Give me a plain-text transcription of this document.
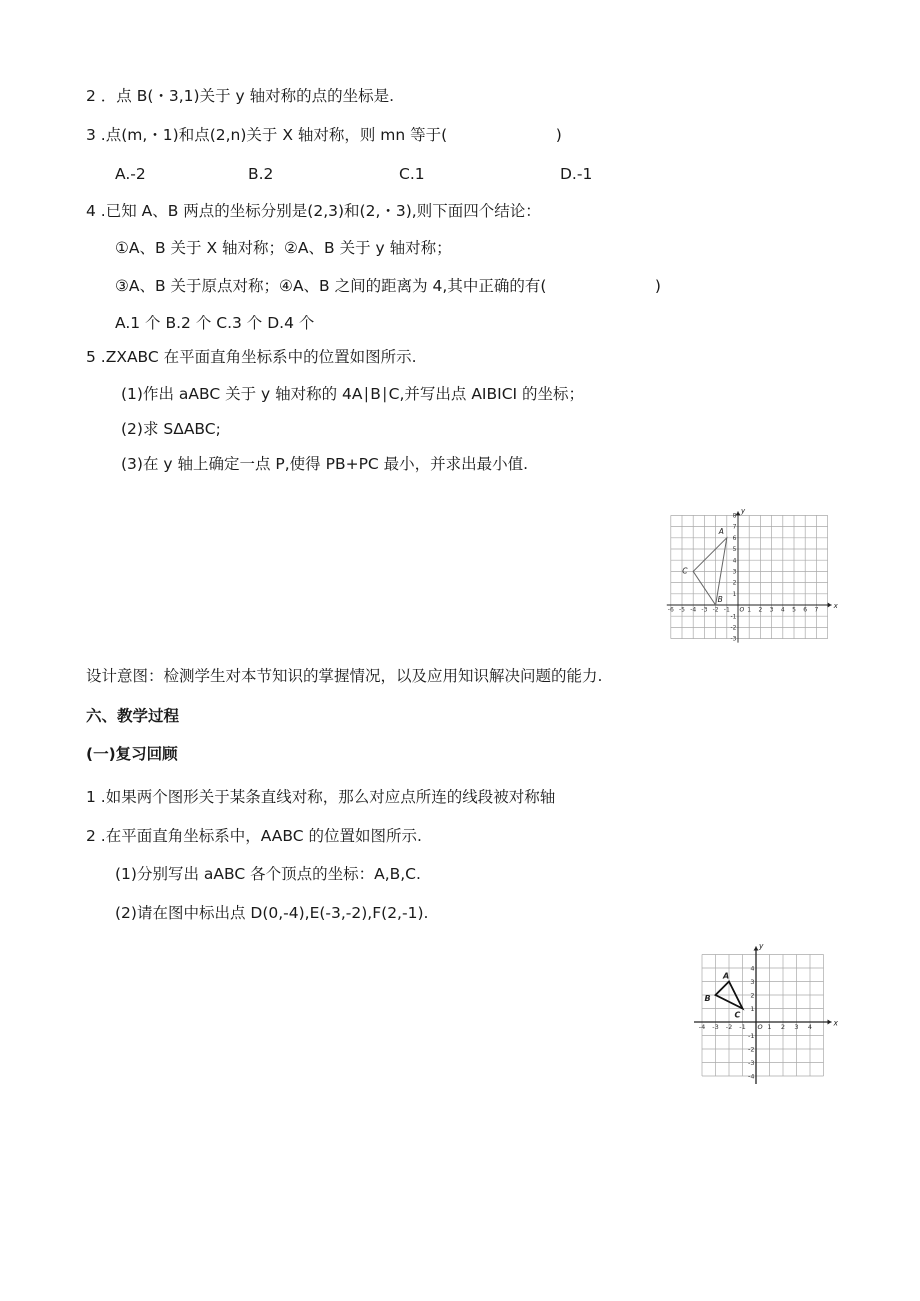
2 ．点 B(・3,1)关于 y 轴对称的点的坐标是.
3 .点(m,・1)和点(2,n)关于 X 轴对称，则 mn 等于(　　　　　　　)
A.-2	B.2	C.1	D.-1
4 .已知 A、B 两点的坐标分别是(2,3)和(2,・3),则下面四个结论：
①A、B 关于 X 轴对称；②A、B 关于 y 轴对称；
③A、B 关于原点对称；④A、B 之间的距离为 4,其中正确的有(　　　　　　　)
A.1 个 B.2 个 C.3 个 D.4 个
5 .ZXABC 在平面直角坐标系中的位置如图所示.
(1)作出 aABC 关于 y 轴对称的 4A∣B∣C,并写出点 AIBICI 的坐标；
(2)求 SΔABC;
(3)在 y 轴上确定一点 P,使得 PB+PC 最小，并求出最小值.
x
y
O
-6 -5 -4 -3 -2 -1	1 2 3 4 5 6 7
8
7
6
5
4
3
2
1
-1
-2
-3
A
B
C
设计意图：检测学生对本节知识的掌握情况，以及应用知识解决问题的能力.
六、教学过程
(一)复习回顾
1 .如果两个图形关于某条直线对称，那么对应点所连的线段被对称轴
2 .在平面直角坐标系中，AABC 的位置如图所示.
(1)分别写出 aABC 各个顶点的坐标：A,B,C.
(2)请在图中标出点 D(0,-4),E(-3,-2),F(2,-1).
x
y
O
-4 -3 -2 -1	1 2 3 4
4
3
2
1
-1
-2
-3
-4
A
B
C
